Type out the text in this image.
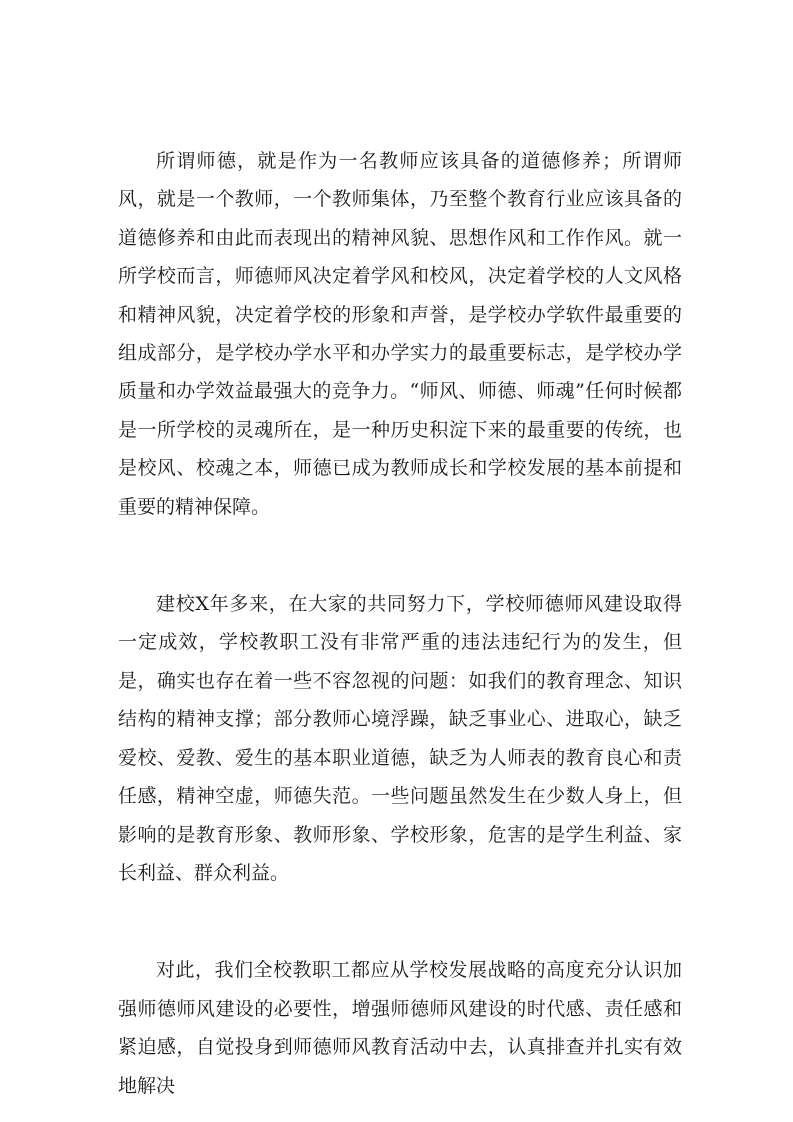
所谓师德，就是作为一名教师应该具备的道德修养；所谓师风，就是一个教师，一个教师集体，乃至整个教育行业应该具备的道德修养和由此而表现出的精神风貌、思想作风和工作作风。就一所学校而言，师德师风决定着学风和校风，决定着学校的人文风格和精神风貌，决定着学校的形象和声誉，是学校办学软件最重要的组成部分，是学校办学水平和办学实力的最重要标志，是学校办学质量和办学效益最强大的竞争力。“师风、师德、师魂”任何时候都是一所学校的灵魂所在，是一种历史积淀下来的最重要的传统，也是校风、校魂之本，师德已成为教师成长和学校发展的基本前提和重要的精神保障。

建校X年多来，在大家的共同努力下，学校师德师风建设取得一定成效，学校教职工没有非常严重的违法违纪行为的发生，但是，确实也存在着一些不容忽视的问题：如我们的教育理念、知识结构的精神支撑；部分教师心境浮躁，缺乏事业心、进取心，缺乏爱校、爱教、爱生的基本职业道德，缺乏为人师表的教育良心和责任感，精神空虚，师德失范。一些问题虽然发生在少数人身上，但影响的是教育形象、教师形象、学校形象，危害的是学生利益、家长利益、群众利益。

对此，我们全校教职工都应从学校发展战略的高度充分认识加强师德师风建设的必要性，增强师德师风建设的时代感、责任感和紧迫感，自觉投身到师德师风教育活动中去，认真排查并扎实有效地解决
